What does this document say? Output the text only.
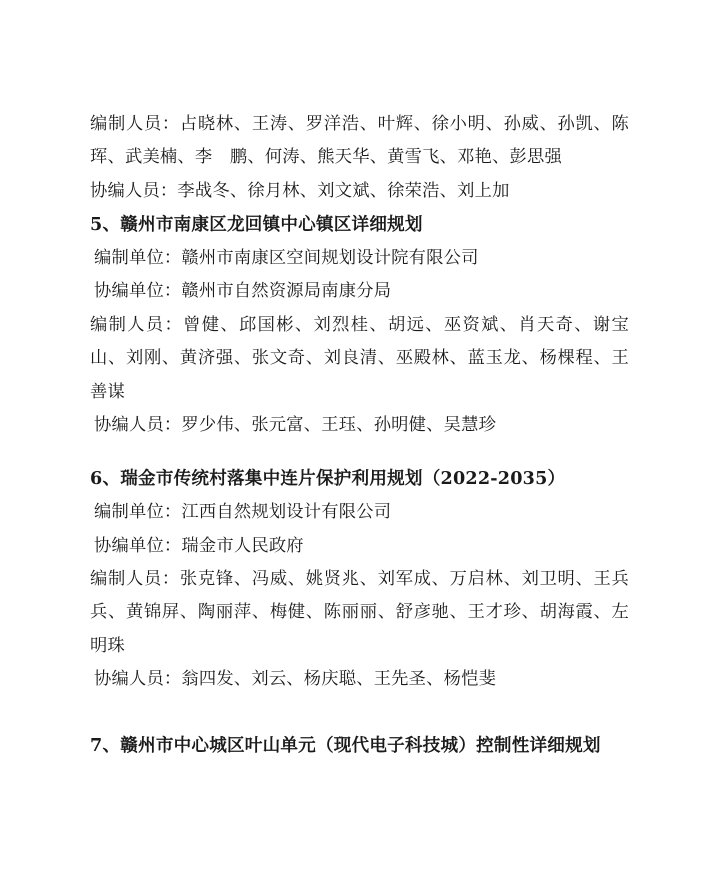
编制人员：占晓林、王涛、罗洋浩、叶辉、徐小明、孙威、孙凯、陈珲、武美楠、李　鹏、何涛、熊天华、黄雪飞、邓艳、彭思强

协编人员：李战冬、徐月林、刘文斌、徐荣浩、刘上加

5、赣州市南康区龙回镇中心镇区详细规划

编制单位：赣州市南康区空间规划设计院有限公司

协编单位：赣州市自然资源局南康分局

编制人员：曾健、邱国彬、刘烈桂、胡远、巫资斌、肖天奇、谢宝山、刘刚、黄济强、张文奇、刘良清、巫殿林、蓝玉龙、杨棵程、王善谋

协编人员：罗少伟、张元富、王珏、孙明健、吴慧珍

6、瑞金市传统村落集中连片保护利用规划（2022-2035）

编制单位：江西自然规划设计有限公司

协编单位：瑞金市人民政府

编制人员：张克锋、冯威、姚贤兆、刘军成、万启林、刘卫明、王兵兵、黄锦屏、陶丽萍、梅健、陈丽丽、舒彦驰、王才珍、胡海霞、左明珠

协编人员：翁四发、刘云、杨庆聪、王先圣、杨恺斐

7、赣州市中心城区叶山单元（现代电子科技城）控制性详细规划
